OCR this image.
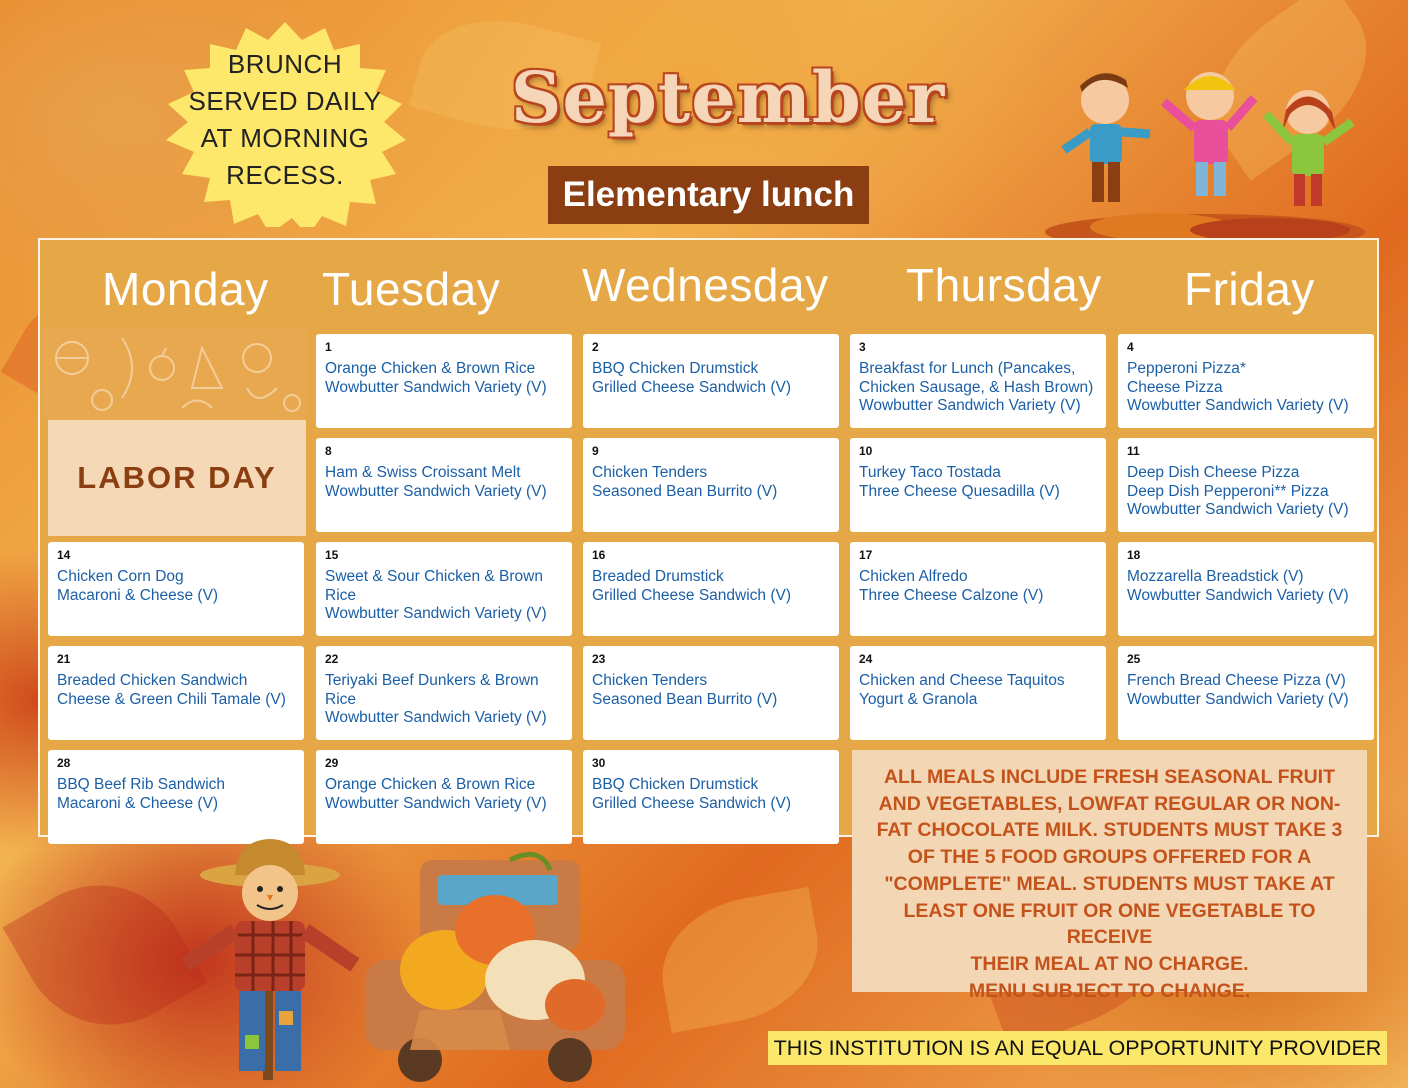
BRUNCH
SERVED DAILY
AT MORNING
RECESS.
September
Elementary lunch
Monday Tuesday Wednesday Thursday Friday
LABOR DAY
1
Orange Chicken & Brown Rice
Wowbutter Sandwich Variety (V)
2
BBQ Chicken Drumstick
Grilled Cheese Sandwich (V)
3
Breakfast for Lunch (Pancakes,
Chicken Sausage, & Hash Brown)
Wowbutter Sandwich Variety (V)
4
Pepperoni Pizza*
Cheese Pizza
Wowbutter Sandwich Variety (V)
8
Ham & Swiss Croissant Melt
Wowbutter Sandwich Variety (V)
9
Chicken Tenders
Seasoned Bean Burrito (V)
10
Turkey Taco Tostada
Three Cheese Quesadilla (V)
11
Deep Dish Cheese Pizza
Deep Dish Pepperoni** Pizza
Wowbutter Sandwich Variety (V)
14
Chicken Corn Dog
Macaroni & Cheese (V)
15
Sweet & Sour Chicken & Brown
Rice
Wowbutter Sandwich Variety (V)
16
Breaded Drumstick
Grilled Cheese Sandwich (V)
17
Chicken Alfredo
Three Cheese Calzone (V)
18
Mozzarella Breadstick (V)
Wowbutter Sandwich Variety (V)
21
Breaded Chicken Sandwich
Cheese & Green Chili Tamale (V)
22
Teriyaki Beef Dunkers & Brown
Rice
Wowbutter Sandwich Variety (V)
23
Chicken Tenders
Seasoned Bean Burrito (V)
24
Chicken and Cheese Taquitos
Yogurt & Granola
25
French Bread Cheese Pizza (V)
Wowbutter Sandwich Variety (V)
28
BBQ Beef Rib Sandwich
Macaroni & Cheese (V)
29
Orange Chicken & Brown Rice
Wowbutter Sandwich Variety (V)
30
BBQ Chicken Drumstick
Grilled Cheese Sandwich (V)
ALL MEALS INCLUDE FRESH SEASONAL FRUIT
AND VEGETABLES, LOWFAT REGULAR OR NON-
FAT CHOCOLATE MILK. STUDENTS MUST TAKE 3
OF THE 5 FOOD GROUPS OFFERED FOR A
"COMPLETE" MEAL. STUDENTS MUST TAKE AT
LEAST ONE FRUIT OR ONE VEGETABLE TO RECEIVE
THEIR MEAL AT NO CHARGE.
MENU SUBJECT TO CHANGE.
THIS INSTITUTION IS AN EQUAL OPPORTUNITY PROVIDER
